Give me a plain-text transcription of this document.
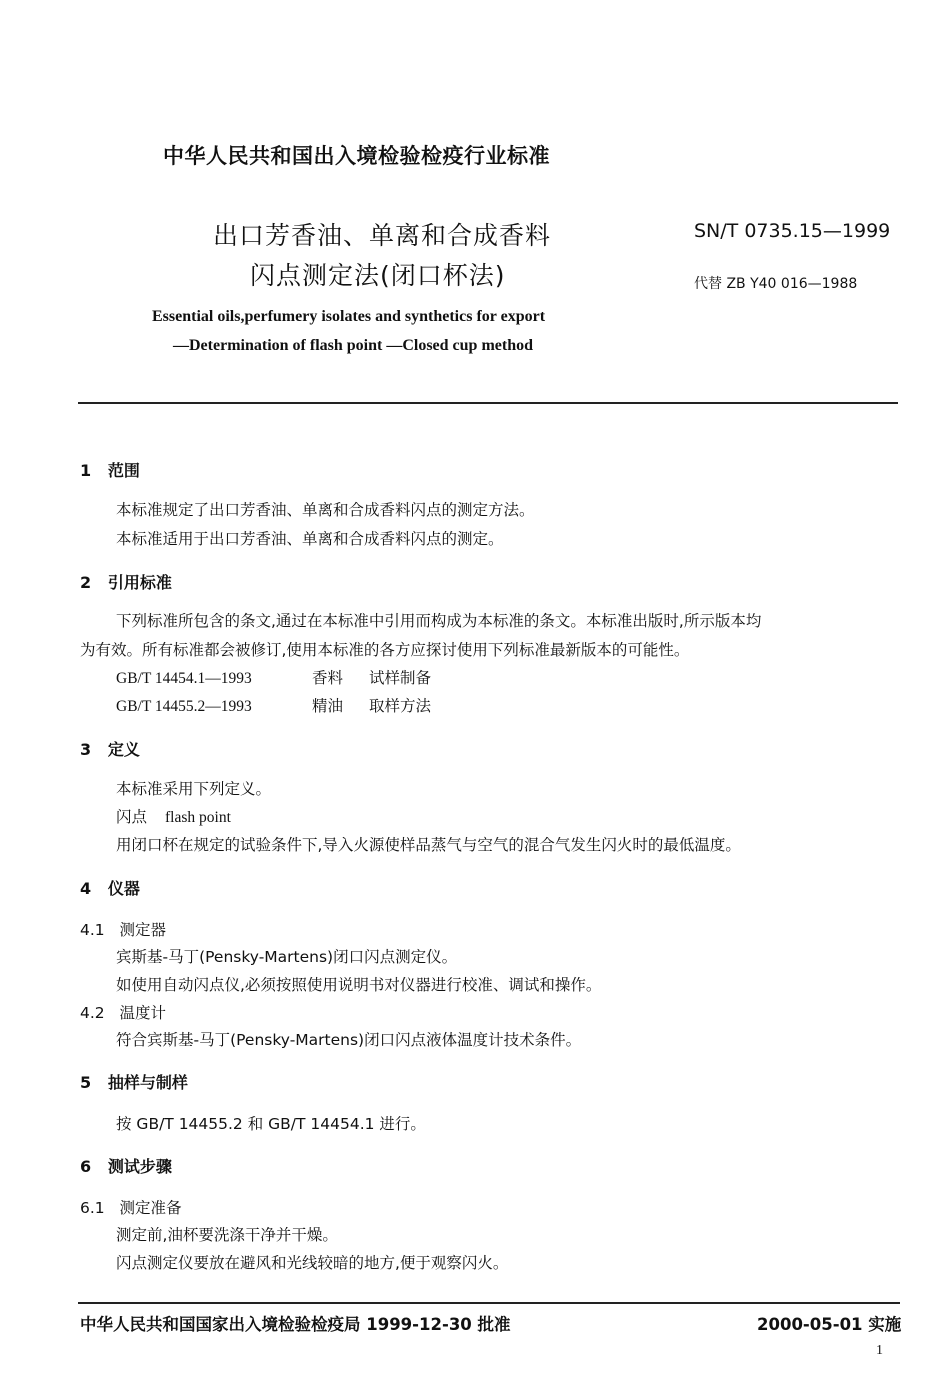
中华人民共和国出入境检验检疫行业标准
出口芳香油、单离和合成香料
闪点测定法(闭口杯法)
SN/T 0735.15—1999
代替 ZB Y40 016—1988
Essential oils,perfumery isolates and synthetics for export
—Determination of flash point —Closed cup method
1 范围
本标准规定了出口芳香油、单离和合成香料闪点的测定方法。
本标准适用于出口芳香油、单离和合成香料闪点的测定。
2 引用标准
下列标准所包含的条文,通过在本标准中引用而构成为本标准的条文。本标准出版时,所示版本均
为有效。所有标准都会被修订,使用本标准的各方应探讨使用下列标准最新版本的可能性。
GB/T 14454.1—1993	香料 试样制备
GB/T 14455.2—1993	精油 取样方法
3 定义
本标准采用下列定义。
闪点 flash point
用闭口杯在规定的试验条件下,导入火源使样品蒸气与空气的混合气发生闪火时的最低温度。
4 仪器
4.1 测定器
宾斯基-马丁(Pensky-Martens)闭口闪点测定仪。
如使用自动闪点仪,必须按照使用说明书对仪器进行校准、调试和操作。
4.2 温度计
符合宾斯基-马丁(Pensky-Martens)闭口闪点液体温度计技术条件。
5 抽样与制样
按 GB/T 14455.2 和 GB/T 14454.1 进行。
6 测试步骤
6.1 测定准备
测定前,油杯要洗涤干净并干燥。
闪点测定仪要放在避风和光线较暗的地方,便于观察闪火。
中华人民共和国国家出入境检验检疫局 1999-12-30 批准	2000-05-01 实施
1
